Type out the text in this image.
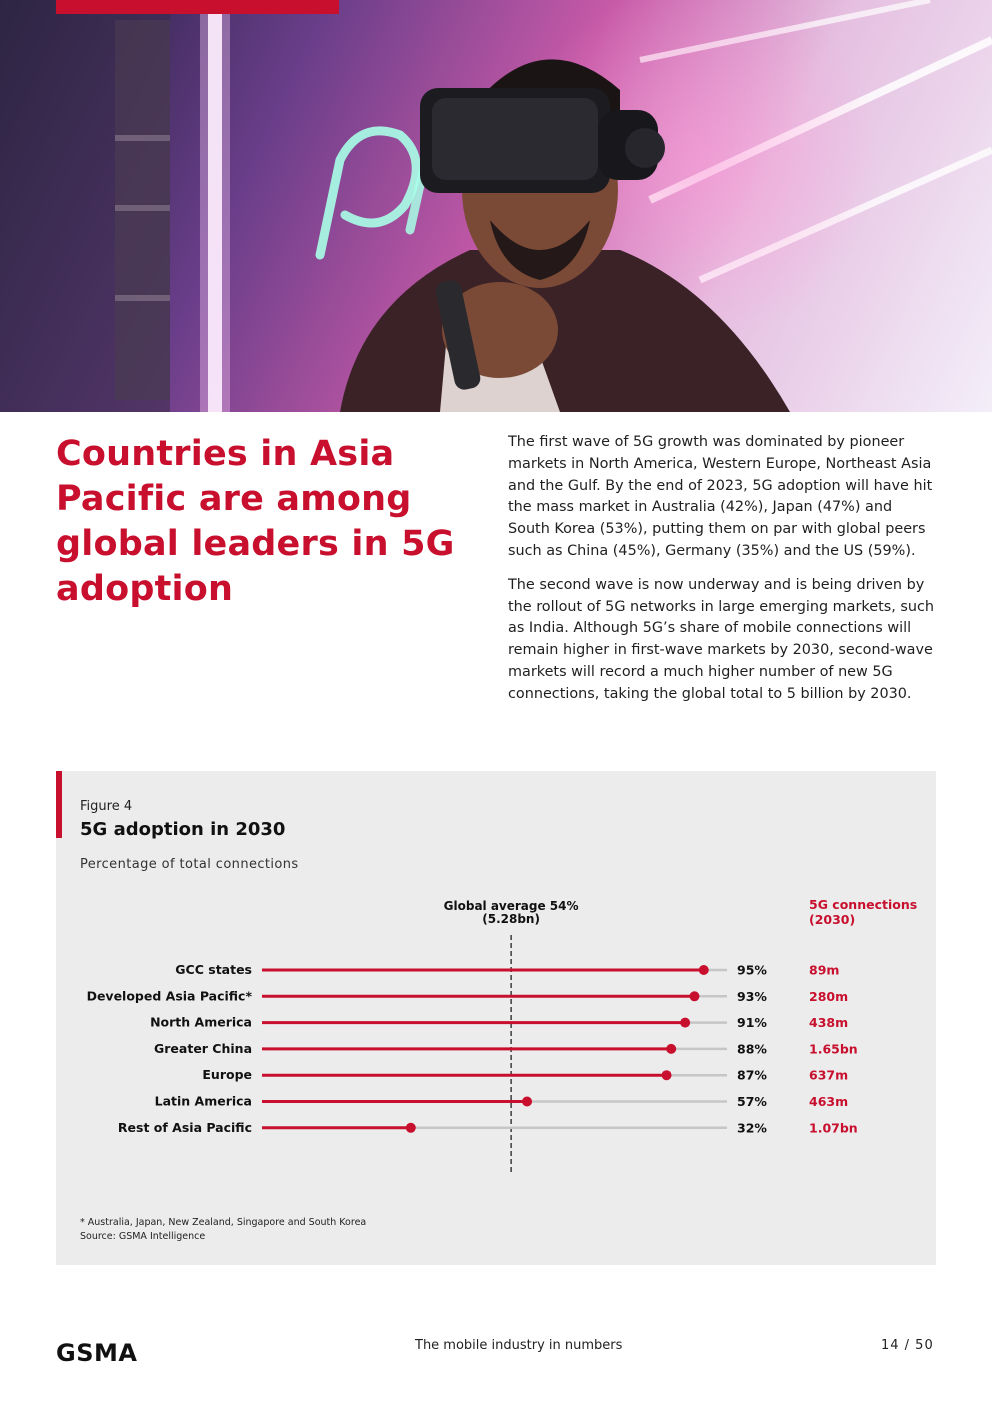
Countries in Asia Pacific are among global leaders in 5G adoption

The first wave of 5G growth was dominated by pioneer markets in North America, Western Europe, Northeast Asia and the Gulf. By the end of 2023, 5G adoption will have hit the mass market in Australia (42%), Japan (47%) and South Korea (53%), putting them on par with global peers such as China (45%), Germany (35%) and the US (59%).

The second wave is now underway and is being driven by the rollout of 5G networks in large emerging markets, such as India. Although 5G’s share of mobile connections will remain higher in first-wave markets by 2030, second-wave markets will record a much higher number of new 5G connections, taking the global total to 5 billion by 2030.

Figure 4
5G adoption in 2030
Percentage of total connections
Global average 54%
(5.28bn)
GCC states	95%	89m
Developed Asia Pacific*	93%	280m
North America	91%	438m
Greater China	88%	1.65bn
Europe	87%	637m
Latin America	57%	463m
Rest of Asia Pacific	32%	1.07bn
5G connections
(2030)
* Australia, Japan, New Zealand, Singapore and South Korea
Source: GSMA Intelligence
GSMA	The mobile industry in numbers	14 / 50
